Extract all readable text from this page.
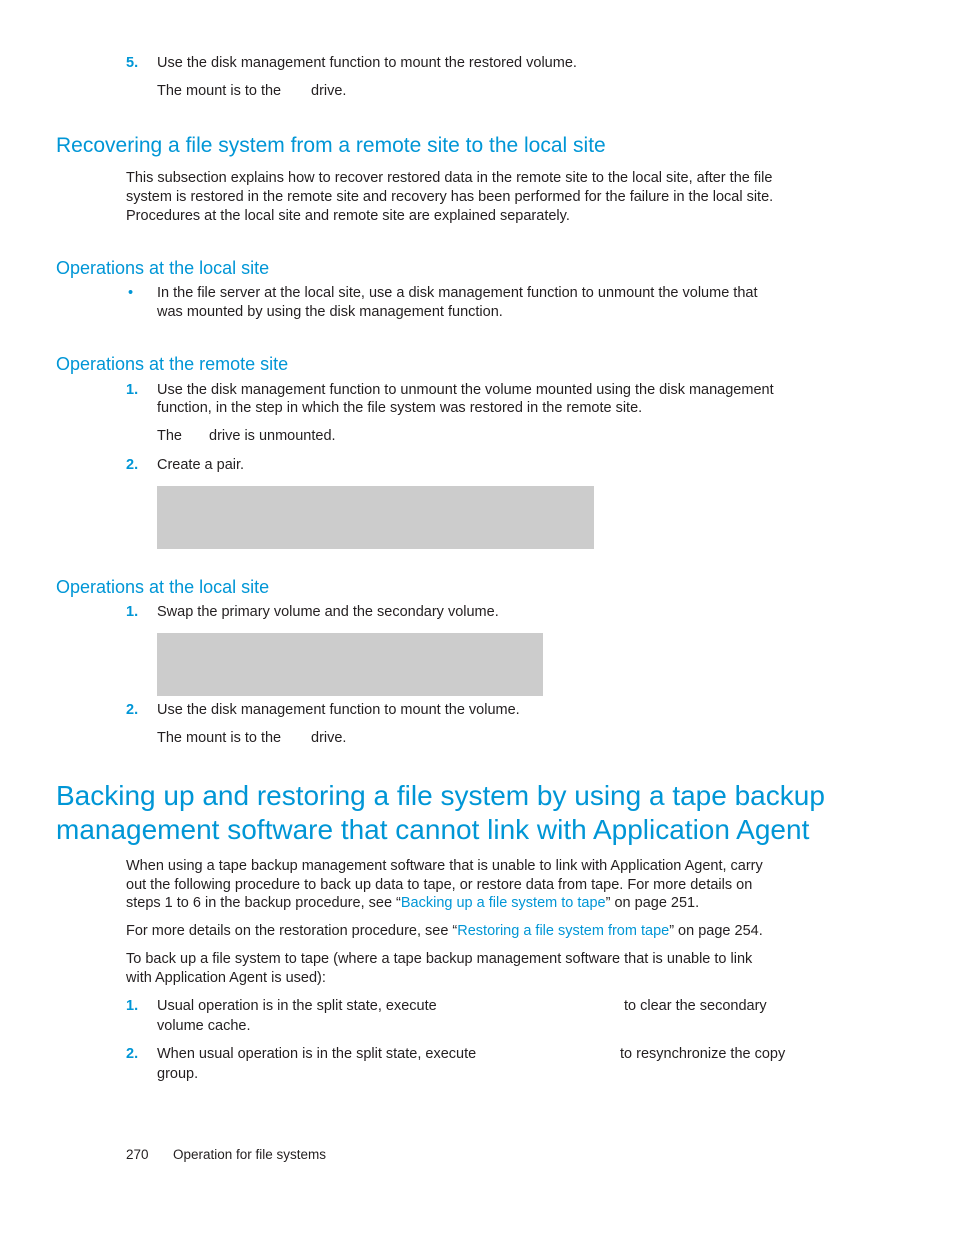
5. Use the disk management function to mount the restored volume.
The mount is to the drive.
Recovering a file system from a remote site to the local site
This subsection explains how to recover restored data in the remote site to the local site, after the file
system is restored in the remote site and recovery has been performed for the failure in the local site.
Procedures at the local site and remote site are explained separately.
Operations at the local site
• In the file server at the local site, use a disk management function to unmount the volume that
was mounted by using the disk management function.
Operations at the remote site
1. Use the disk management function to unmount the volume mounted using the disk management
function, in the step in which the file system was restored in the remote site.
The drive is unmounted.
2. Create a pair.
Operations at the local site
1. Swap the primary volume and the secondary volume.
2. Use the disk management function to mount the volume.
The mount is to the drive.
Backing up and restoring a file system by using a tape backup
management software that cannot link with Application Agent
When using a tape backup management software that is unable to link with Application Agent, carry
out the following procedure to back up data to tape, or restore data from tape. For more details on
steps 1 to 6 in the backup procedure, see “Backing up a file system to tape” on page 251.
For more details on the restoration procedure, see “Restoring a file system from tape” on page 254.
To back up a file system to tape (where a tape backup management software that is unable to link
with Application Agent is used):
1. Usual operation is in the split state, execute	to clear the secondary
volume cache.
2. When usual operation is in the split state, execute	to resynchronize the copy
group.
270 Operation for file systems
